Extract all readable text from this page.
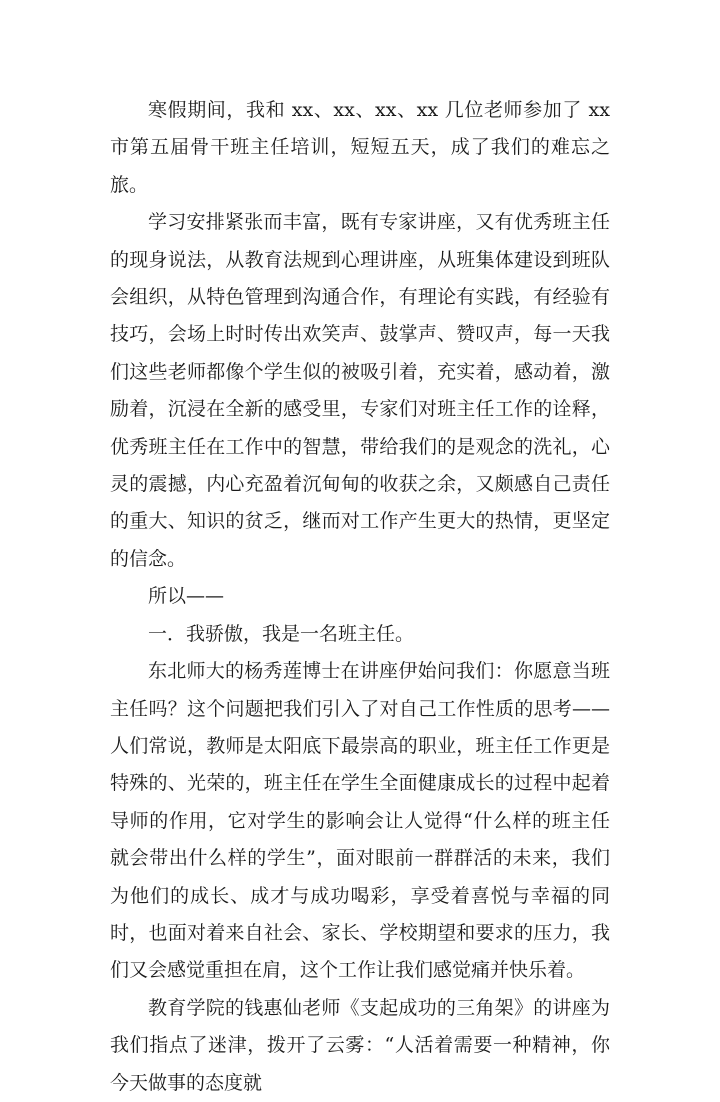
寒假期间，我和 xx、xx、xx、xx 几位老师参加了 xx 市第五届骨干班主任培训，短短五天，成了我们的难忘之旅。

学习安排紧张而丰富，既有专家讲座，又有优秀班主任的现身说法，从教育法规到心理讲座，从班集体建设到班队会组织，从特色管理到沟通合作，有理论有实践，有经验有技巧，会场上时时传出欢笑声、鼓掌声、赞叹声，每一天我们这些老师都像个学生似的被吸引着，充实着，感动着，激励着，沉浸在全新的感受里，专家们对班主任工作的诠释，优秀班主任在工作中的智慧，带给我们的是观念的洗礼，心灵的震撼，内心充盈着沉甸甸的收获之余，又颇感自己责任的重大、知识的贫乏，继而对工作产生更大的热情，更坚定的信念。

所以——

一．我骄傲，我是一名班主任。

东北师大的杨秀莲博士在讲座伊始问我们：你愿意当班主任吗？这个问题把我们引入了对自己工作性质的思考——人们常说，教师是太阳底下最崇高的职业，班主任工作更是特殊的、光荣的，班主任在学生全面健康成长的过程中起着导师的作用，它对学生的影响会让人觉得“什么样的班主任就会带出什么样的学生”，面对眼前一群群活的未来，我们为他们的成长、成才与成功喝彩，享受着喜悦与幸福的同时，也面对着来自社会、家长、学校期望和要求的压力，我们又会感觉重担在肩，这个工作让我们感觉痛并快乐着。

教育学院的钱惠仙老师《支起成功的三角架》的讲座为我们指点了迷津，拨开了云雾：“人活着需要一种精神，你今天做事的态度就
